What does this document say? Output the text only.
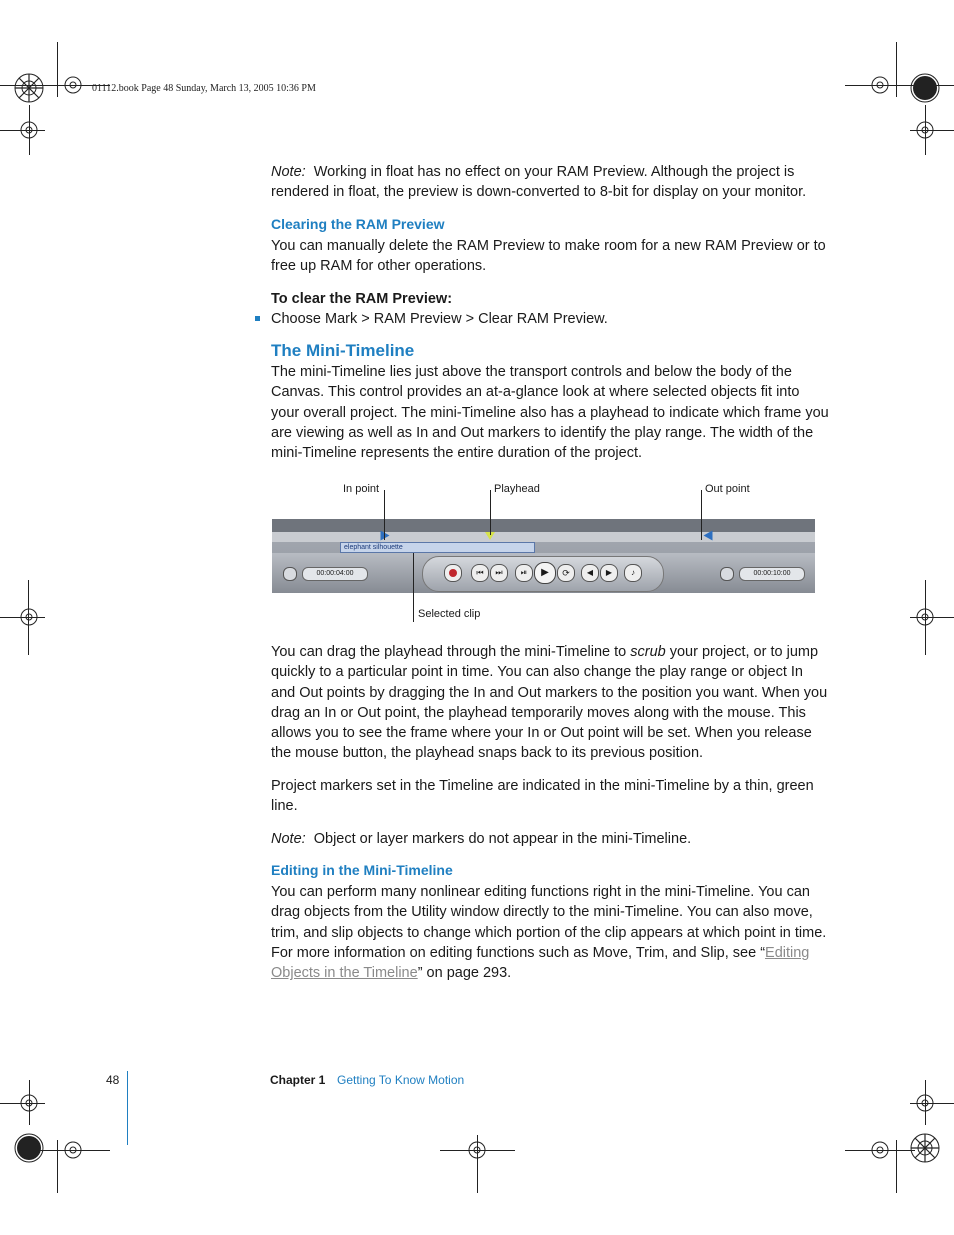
01112.book Page 48 Sunday, March 13, 2005 10:36 PM

Note: Working in float has no effect on your RAM Preview. Although the project is rendered in float, the preview is down-converted to 8-bit for display on your monitor.

Clearing the RAM Preview

You can manually delete the RAM Preview to make room for a new RAM Preview or to free up RAM for other operations.

To clear the RAM Preview:

Choose Mark > RAM Preview > Clear RAM Preview.

The Mini-Timeline

The mini-Timeline lies just above the transport controls and below the body of the Canvas. This control provides an at-a-glance look at where selected objects fit into your overall project. The mini-Timeline also has a playhead to indicate which frame you are viewing as well as In and Out markers to identify the play range. The width of the mini-Timeline represents the entire duration of the project.

In point	Playhead	Out point
Selected clip
elephant silhouette
00:00:04:00	00:00:10:00
⏮	⏭	⏯	▶	⟳	◀	▶	♪

You can drag the playhead through the mini-Timeline to scrub your project, or to jump quickly to a particular point in time. You can also change the play range or object In and Out points by dragging the In and Out markers to the position you want. When you drag an In or Out point, the playhead temporarily moves along with the mouse. This allows you to see the frame where your In or Out point will be set. When you release the mouse button, the playhead snaps back to its previous position.

Project markers set in the Timeline are indicated in the mini-Timeline by a thin, green line.

Note: Object or layer markers do not appear in the mini-Timeline.

Editing in the Mini-Timeline

You can perform many nonlinear editing functions right in the mini-Timeline. You can drag objects from the Utility window directly to the mini-Timeline. You can also move, trim, and slip objects to change which portion of the clip appears at which point in time. For more information on editing functions such as Move, Trim, and Slip, see “Editing Objects in the Timeline” on page 293.

48	Chapter 1 Getting To Know Motion
